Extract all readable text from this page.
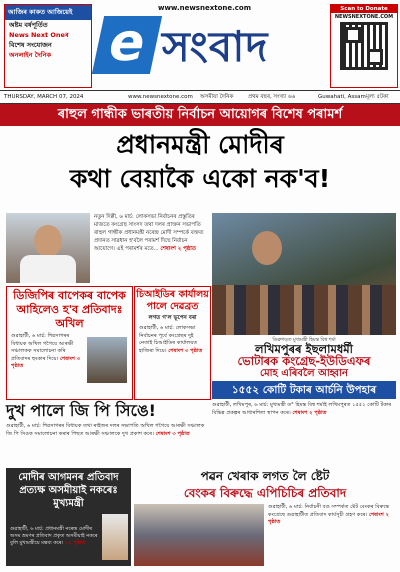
আজিৰ কাকত আজিয়েই
অষ্টম বৰ্ষপূৰ্তিত
News Next Oneৰ
বিশেষ সংযোজন
অনলাইন দৈনিক
www.newsnextone.com
e সংবাদ
Scan to Donate
NEWSNEXTONE.COM
THURSDAY, MARCH 07, 2024	www.newsnextone.com অসমীয়া দৈনিক	প্ৰথম বছৰ, সংখ্যা ৬৬	Guwahati, Assam মূল্য ৫টকা
ৰাহুল গান্ধীক ভাৰতীয় নিৰ্বাচন আয়োগৰ বিশেষ পৰামৰ্শ
প্ৰধানমন্ত্ৰী মোদীৰ
কথা বেয়াকৈ একো নক'ব!
নতুন দিল্লী, ৬ মাৰ্চ: লোকসভা নিৰ্বাচনৰ প্ৰস্তুতিৰ মাজতে কংগ্ৰেছ সাংসদ তথা দলৰ প্ৰাক্তন সভাপতি ৰাহুল গান্ধীক প্ৰধানমন্ত্ৰী নৰেন্দ্ৰ মোদী সম্পৰ্কে বক্তব্য প্ৰদানত সাৱধান হ'বলৈ পৰামৰ্শ দিছে নিৰ্বাচন আয়োগে। এই পৰামৰ্শৰ মতে... শেষাংশ ২ পৃষ্ঠাত
ডিব্ৰুগড়ত মুখ্যমন্ত্ৰী হিমন্ত বিশ্ব শৰ্মা
ডিজিপিৰ বাপেকৰ বাপেক আহিলেও হ'ব প্ৰতিবাদঃ অখিল
গুৱাহাটী, ৬ মাৰ্চ: শিৱসাগৰৰ বিধায়ক অখিল গগৈয়ে আৰক্ষী সঞ্চালকক সমালোচনা কৰি প্ৰতিবাদৰ হুংকাৰ দিয়ে। শেষাংশ ৩ পৃষ্ঠাত
চিআইডিৰ কাৰ্যালয় পালে দেৱব্ৰত
লগত গ'ল ভূপেন বৰা
গুৱাহাটী, ৬ মাৰ্চ: লোকসভা নিৰ্বাচনৰ পূৰ্বে কংগ্ৰেছৰ দুই নেতাই চিআইডিৰ কাৰ্যালয়ত হাজিৰা দিয়ে। শেষাংশ ৩ পৃষ্ঠাত	লখিমপুৰৰ ইছলামধৰ্মী
ভোটাৰক কংগ্ৰেছ-ইউডিএফৰ
মোহ এৰিবলৈ আহ্বান
১৫৫২ কোটি টকাৰ আৰ্চনি উপহাৰ
গুৱাহাটী, লখিমপুৰ, ৬ মাৰ্চ: মুখ্যমন্ত্ৰী ড° হিমন্ত বিশ্ব শৰ্মাই লখিমপুৰত ১৫৫২ কোটি টকাৰ বিভিন্ন প্ৰকল্পৰ আধাৰশিলা স্থাপন কৰে। শেষাংশ ২ পৃষ্ঠাত
দুখ পালে জি পি সিঙে!
গুৱাহাটী, ৬ মাৰ্চ: শিৱসাগৰৰ বিধায়ক তথা ৰাইজৰ দলৰ সভাপতি অখিল গগৈয়ে আৰক্ষী সঞ্চালক জি পি সিঙক সমালোচনা কৰাৰ পিছত আৰক্ষী সঞ্চালকে দুখ প্ৰকাশ কৰে। শেষাংশ ৩ পৃষ্ঠাত
মোদীৰ আগমনৰ প্ৰতিবাদ প্ৰত্যক্ষ অসমীয়াই নকৰেঃ মুখ্যমন্ত্ৰী
গুৱাহাটী, ৬ মাৰ্চ: প্ৰধানমন্ত্ৰী নৰেন্দ্ৰ মোদীৰ অসম ভ্ৰমণৰ প্ৰতিবাদ প্ৰকৃত অসমীয়াই নকৰে বুলি মুখ্যমন্ত্ৰীয়ে মন্তব্য কৰে। ১১ পৃষ্ঠাত
পৱন খেৰাক লগত লৈ ষ্টেট
বেংকৰ বিৰুদ্ধে এপিচিচিৰ প্ৰতিবাদ
গুৱাহাটী, ৬ মাৰ্চ: নিৰ্বাচনী বণ্ড সম্পৰ্কত ষ্টেট বেংকৰ বিৰুদ্ধে কংগ্ৰেছে গুৱাহাটীত প্ৰতিবাদ কাৰ্যসূচী গ্ৰহণ কৰে। শেষাংশ ২ পৃষ্ঠাত
